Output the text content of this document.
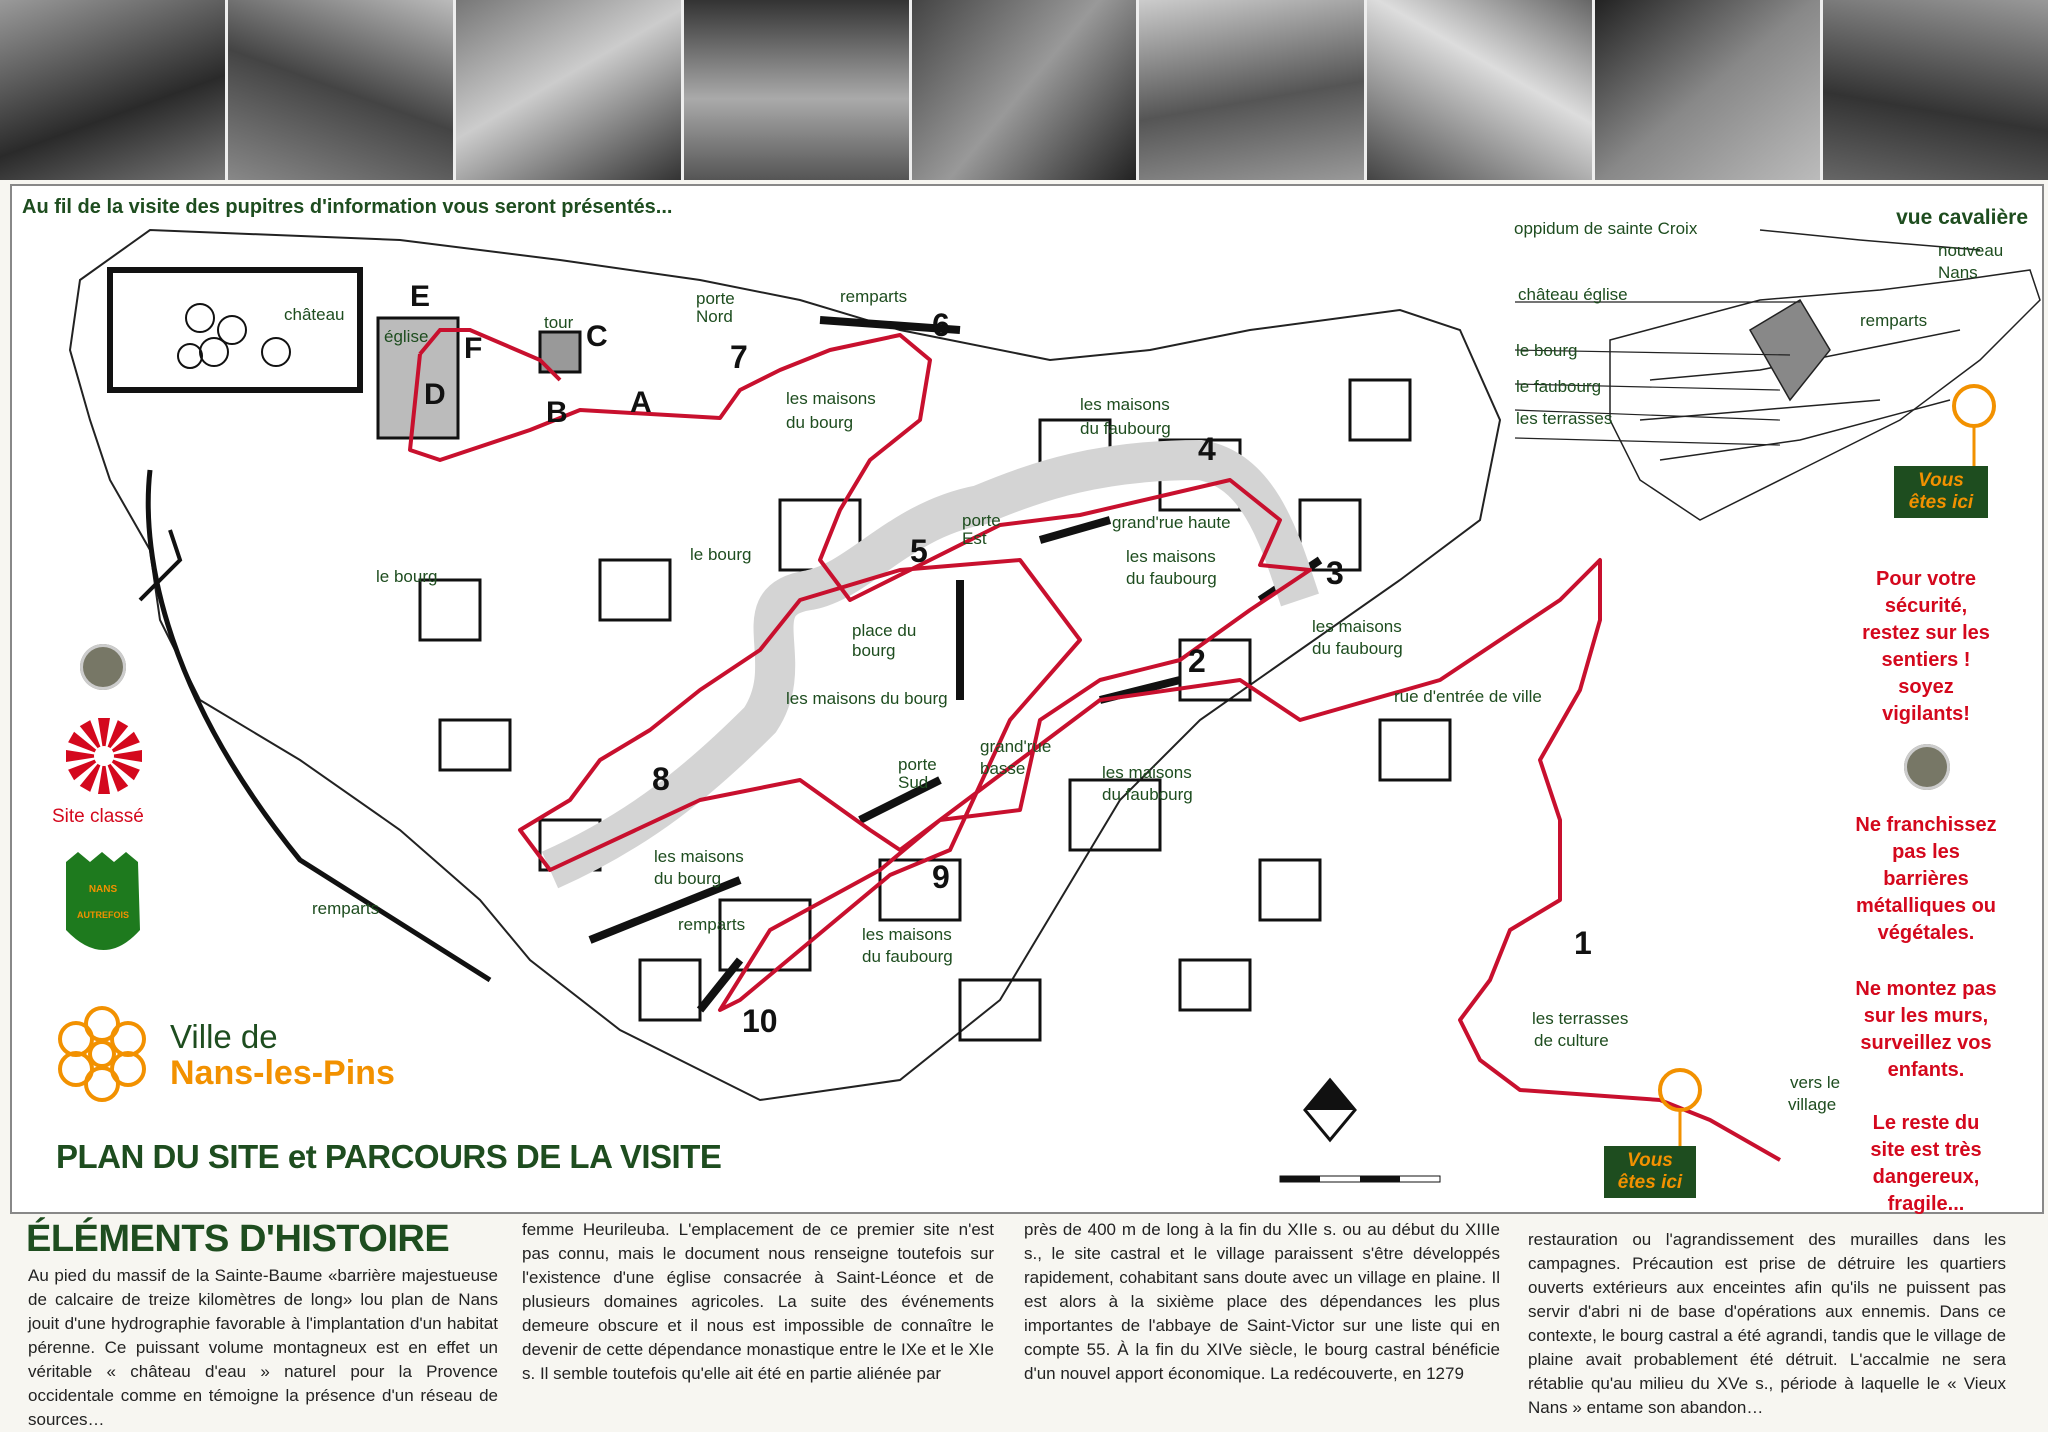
Au fil de la visite des pupitres d'information vous seront présentés...	vue cavalière
E
F	C
D
B A
1
2
3
4
5
6
7
8
9
10
château
église
tour
porte
Nord
remparts
les maisons
du bourg
les maisons
du faubourg
le bourg
le bourg
porte
Est
grand'rue haute
les maisons
du faubourg
les maisons
du faubourg
place du
bourg
rue d'entrée de ville
les maisons du bourg
porte
Sud
grand'rue
basse	les maisons
du faubourg
les maisons
du bourg
remparts
remparts
les maisons
du faubourg
les terrasses
de culture
vers le
village
oppidum de sainte Croix
nouveau
Nans
château église
remparts
le bourg
le faubourg
les terrasses
Vous
êtes ici
Vous
êtes ici
NANS
AUTREFOIS
Pour votre
sécurité,
restez sur les
sentiers !
soyez
vigilants!
Ne franchissez
pas les
barrières
métalliques ou
végétales.
Ne montez pas
sur les murs,
surveillez vos
enfants.
Le reste du
site est très
dangereux,
fragile...
Site classé
Ville de
Nans-les-Pins
PLAN DU SITE et PARCOURS DE LA VISITE
ÉLÉMENTS D'HISTOIRE
Au pied du massif de la Sainte-Baume «barrière majestueuse de calcaire de treize kilomètres de long» lou plan de Nans jouit d'une hydrographie favorable à l'implantation d'un habitat pérenne. Ce puissant volume montagneux est en effet un véritable « château d'eau » naturel pour la Provence occidentale comme en témoigne la présence d'un réseau de sources…
femme Heurileuba. L'emplacement de ce premier site n'est pas connu, mais le document nous renseigne toutefois sur l'existence d'une église consacrée à Saint-Léonce et de plusieurs domaines agricoles. La suite des événements demeure obscure et il nous est impossible de connaître le devenir de cette dépendance monastique entre le IXe et le XIe s. Il semble toutefois qu'elle ait été en partie aliénée par
près de 400 m de long à la fin du XIIe s. ou au début du XIIIe s., le site castral et le village paraissent s'être développés rapidement, cohabitant sans doute avec un village en plaine. Il est alors à la sixième place des dépendances les plus importantes de l'abbaye de Saint-Victor sur une liste qui en compte 55. À la fin du XIVe siècle, le bourg castral bénéficie d'un nouvel apport économique. La redécouverte, en 1279
restauration ou l'agrandissement des murailles dans les campagnes. Précaution est prise de détruire les quartiers ouverts extérieurs aux enceintes afin qu'ils ne puissent pas servir d'abri ni de base d'opérations aux ennemis. Dans ce contexte, le bourg castral a été agrandi, tandis que le village de plaine avait probablement été détruit. L'accalmie ne sera rétablie qu'au milieu du XVe s., période à laquelle le « Vieux Nans » entame son abandon…
